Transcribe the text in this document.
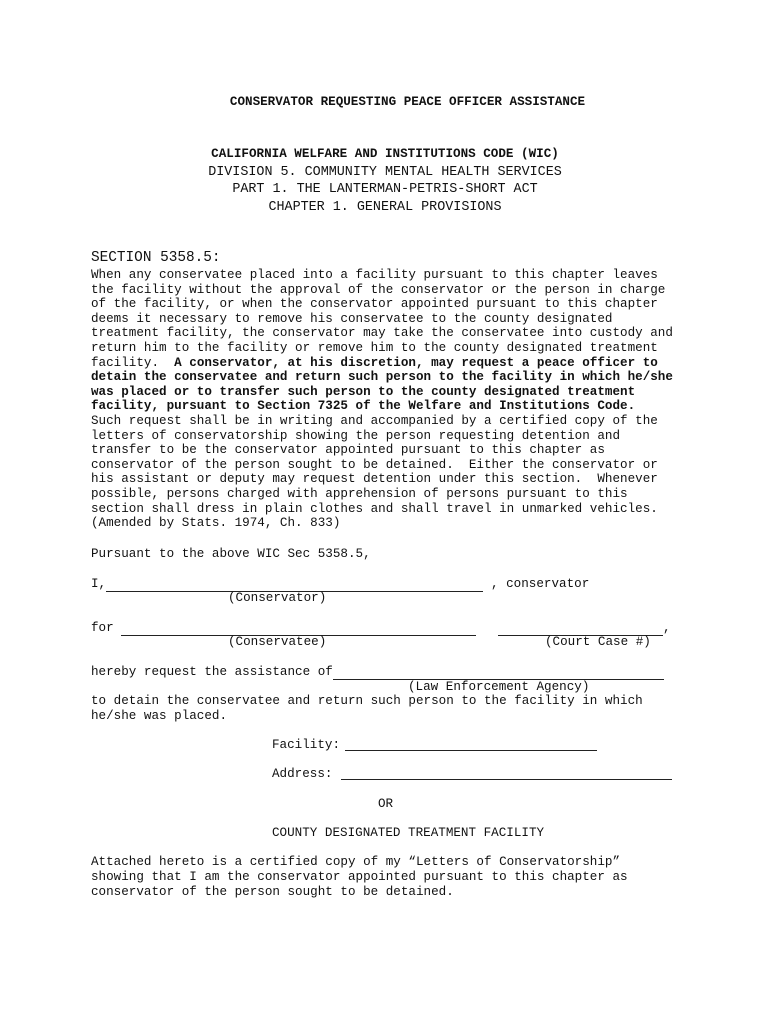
CONSERVATOR REQUESTING PEACE OFFICER ASSISTANCE
CALIFORNIA WELFARE AND INSTITUTIONS CODE (WIC)
DIVISION 5. COMMUNITY MENTAL HEALTH SERVICES
PART 1. THE LANTERMAN-PETRIS-SHORT ACT
CHAPTER 1. GENERAL PROVISIONS
SECTION 5358.5:
When any conservatee placed into a facility pursuant to this chapter leaves
the facility without the approval of the conservator or the person in charge
of the facility, or when the conservator appointed pursuant to this chapter
deems it necessary to remove his conservatee to the county designated
treatment facility, the conservator may take the conservatee into custody and
return him to the facility or remove him to the county designated treatment
facility.  A conservator, at his discretion, may request a peace officer to
detain the conservatee and return such person to the facility in which he/she
was placed or to transfer such person to the county designated treatment
facility, pursuant to Section 7325 of the Welfare and Institutions Code.
Such request shall be in writing and accompanied by a certified copy of the
letters of conservatorship showing the person requesting detention and
transfer to be the conservator appointed pursuant to this chapter as
conservator of the person sought to be detained.  Either the conservator or
his assistant or deputy may request detention under this section.  Whenever
possible, persons charged with apprehension of persons pursuant to this
section shall dress in plain clothes and shall travel in unmarked vehicles.
(Amended by Stats. 1974, Ch. 833)
Pursuant to the above WIC Sec 5358.5,
I,	, conservator
(Conservator)
for	,
(Conservatee)	(Court Case #)
hereby request the assistance of
(Law Enforcement Agency)
to detain the conservatee and return such person to the facility in which
he/she was placed.
Facility:
Address:
OR
COUNTY DESIGNATED TREATMENT FACILITY
Attached hereto is a certified copy of my “Letters of Conservatorship”
showing that I am the conservator appointed pursuant to this chapter as
conservator of the person sought to be detained.
